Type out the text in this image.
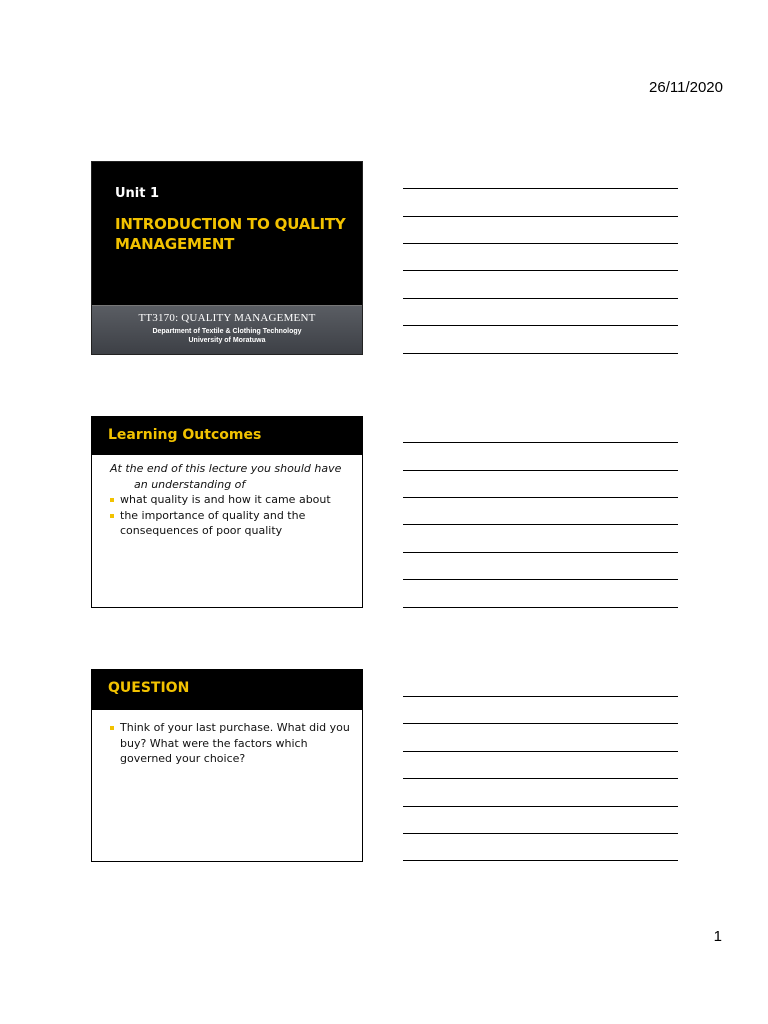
26/11/2020
Unit 1
INTRODUCTION TO QUALITY MANAGEMENT
TT3170: QUALITY MANAGEMENT
Department of Textile & Clothing Technology
University of Moratuwa
Learning Outcomes
At the end of this lecture you should have
an understanding of
what quality is and how it came about
the importance of quality and the consequences of poor quality
QUESTION
Think of your last purchase. What did you buy? What were the factors which governed your choice?
1
